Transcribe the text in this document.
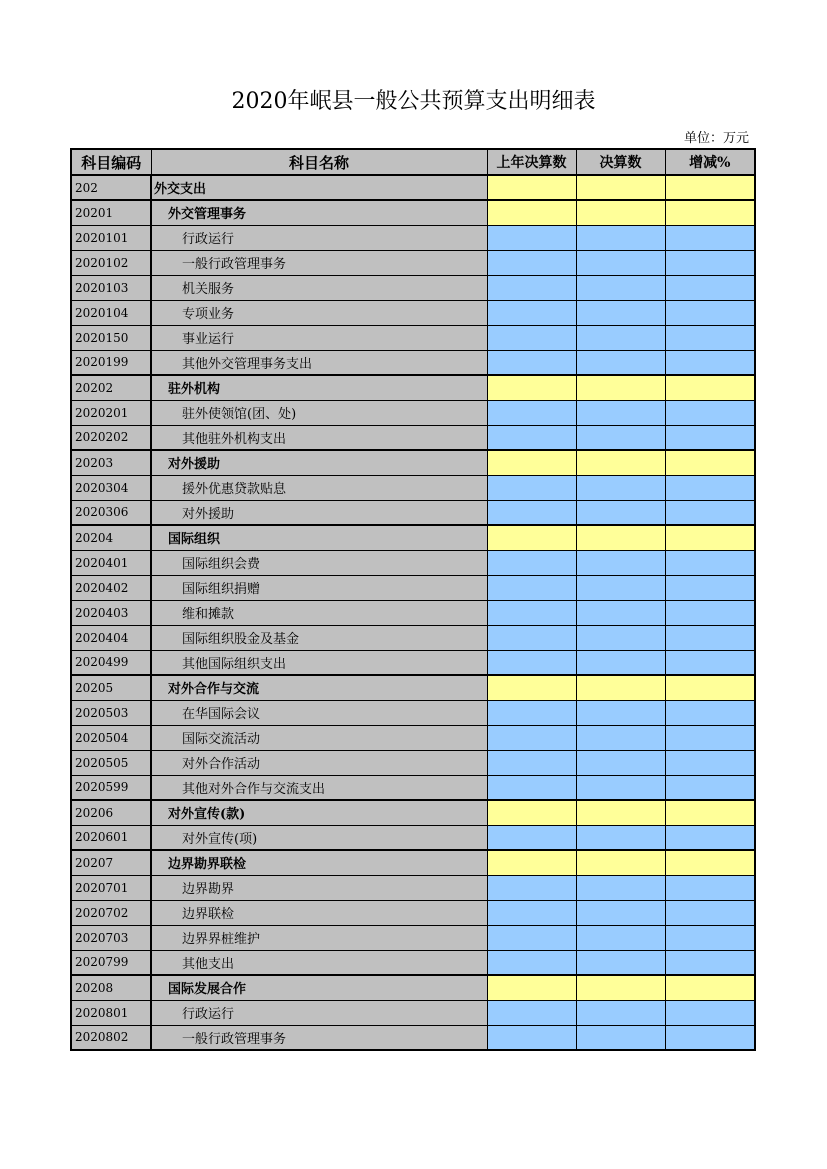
2020年岷县一般公共预算支出明细表
单位：万元
科目编码	科目名称	上年决算数	决算数	增减%
202	外交支出			
20201	外交管理事务			
2020101	行政运行			
2020102	一般行政管理事务			
2020103	机关服务			
2020104	专项业务			
2020150	事业运行			
2020199	其他外交管理事务支出			
20202	驻外机构			
2020201	驻外使领馆(团、处)			
2020202	其他驻外机构支出			
20203	对外援助			
2020304	援外优惠贷款贴息			
2020306	对外援助			
20204	国际组织			
2020401	国际组织会费			
2020402	国际组织捐赠			
2020403	维和摊款			
2020404	国际组织股金及基金			
2020499	其他国际组织支出			
20205	对外合作与交流			
2020503	在华国际会议			
2020504	国际交流活动			
2020505	对外合作活动			
2020599	其他对外合作与交流支出			
20206	对外宣传(款)			
2020601	对外宣传(项)			
20207	边界勘界联检			
2020701	边界勘界			
2020702	边界联检			
2020703	边界界桩维护			
2020799	其他支出			
20208	国际发展合作			
2020801	行政运行			
2020802	一般行政管理事务			
